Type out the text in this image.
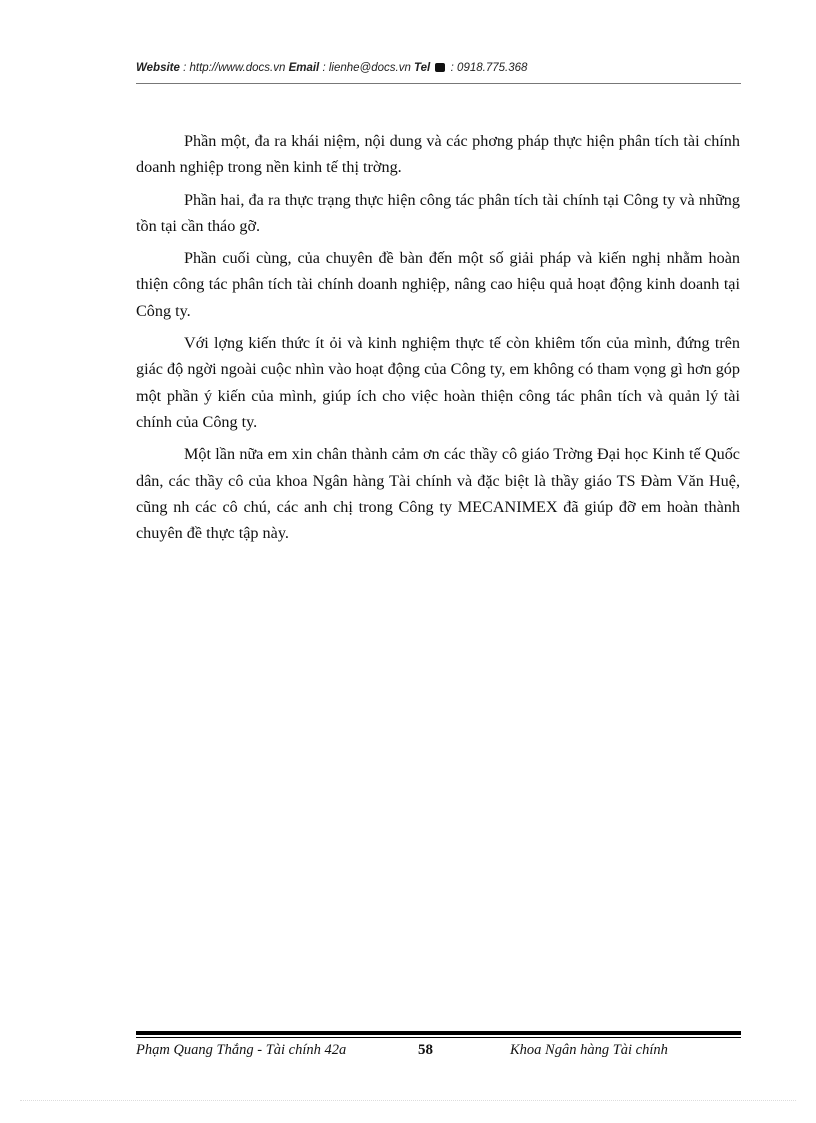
Website : http://www.docs.vn Email : lienhe@docs.vn Tel : 0918.775.368

Phần một, đa ra khái niệm, nội dung và các phơng pháp thực hiện phân tích tài chính doanh nghiệp trong nền kinh tế thị trờng.

Phần hai, đa ra thực trạng thực hiện công tác phân tích tài chính tại Công ty và những tồn tại cần tháo gỡ.

Phần cuối cùng, của chuyên đề bàn đến một số giải pháp và kiến nghị nhằm hoàn thiện công tác phân tích tài chính doanh nghiệp, nâng cao hiệu quả hoạt động kinh doanh tại Công ty.

Với lợng kiến thức ít ỏi và kinh nghiệm thực tế còn khiêm tốn của mình, đứng trên giác độ ngời ngoài cuộc nhìn vào hoạt động của Công ty, em không có tham vọng gì hơn góp một phần ý kiến của mình, giúp ích cho việc hoàn thiện công tác phân tích và quản lý tài chính của Công ty.

Một lần nữa em xin chân thành cảm ơn các thầy cô giáo Trờng Đại học Kinh tế Quốc dân, các thầy cô của khoa Ngân hàng Tài chính và đặc biệt là thầy giáo TS Đàm Văn Huệ, cũng nh các cô chú, các anh chị trong Công ty MECANIMEX đã giúp đỡ em hoàn thành chuyên đề thực tập này.

Phạm Quang Thắng - Tài chính 42a	58	Khoa Ngân hàng Tài chính
